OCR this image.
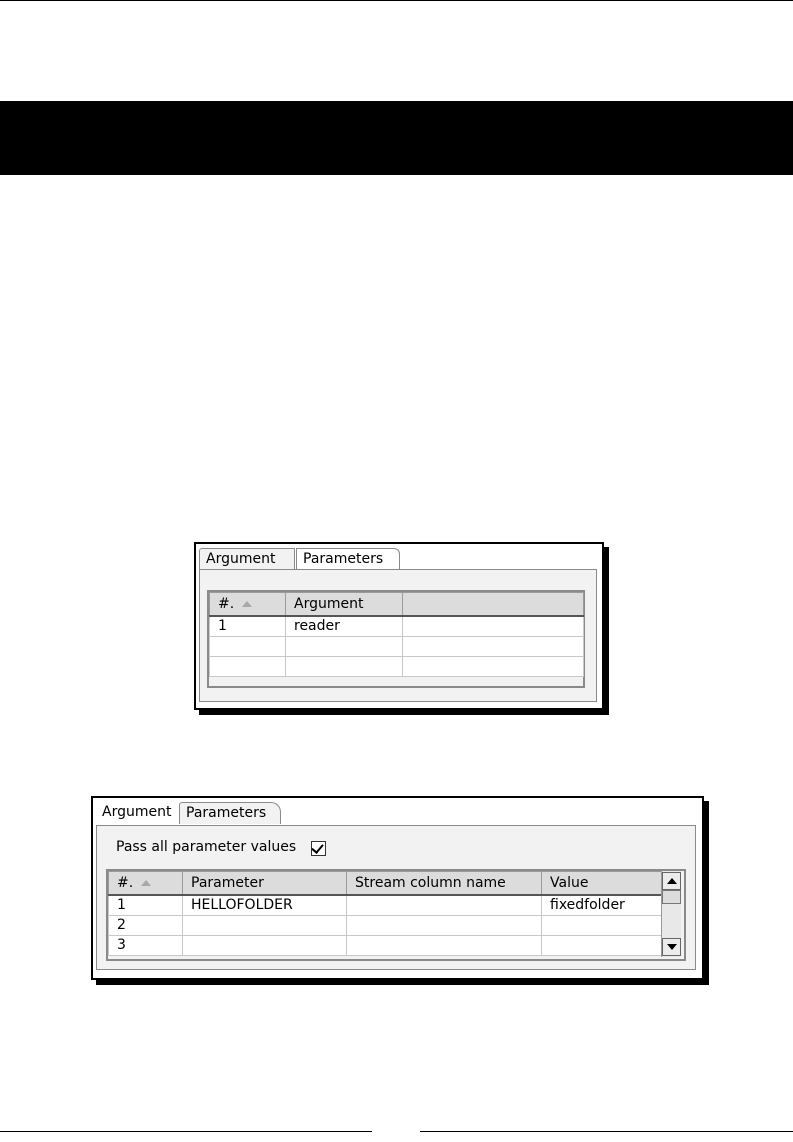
Argument	Parameters
#.	Argument	
1	reader	

Argument	Parameters
Pass all parameter values
#.	Parameter	Stream column name	Value
1	HELLOFOLDER		fixedfolder
2			
3			
